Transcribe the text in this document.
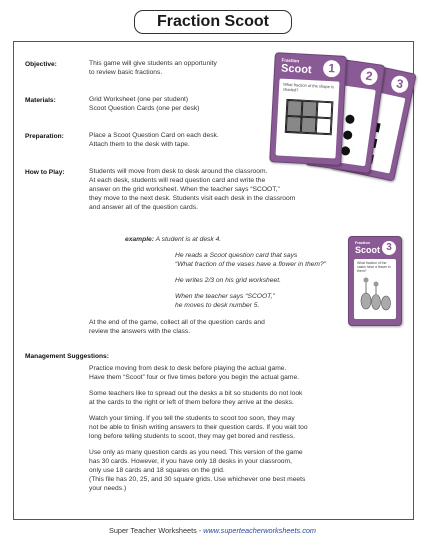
Fraction Scoot
Objective:	This game will give students an opportunity

to review basic fractions.

Materials:	Grid Worksheet (one per student)

Scoot Question Cards (one per desk)

Preparation:	Place a Scoot Question Card on each desk.

Attach them to the desk with tape.

How to Play:	Students will move from desk to desk around the classroom.

At each desk, students will read question card and write the

answer on the grid worksheet. When the teacher says “SCOOT,”

they move to the next desk. Students visit each desk in the classroom

and answer all of the question cards.

example: A student is at desk 4.
He reads a Scoot question card that says
“What fraction of the vases have a flower in them?”
He writes 2/3 on his grid worksheet.
When the teacher says “SCOOT,”
he moves to desk number 5.

At the end of the game, collect all of the question cards and

review the answers with the class.

Management Suggestions:

Practice moving from desk to desk before playing the actual game.

Have them “Scoot” four or five times before you begin the actual game.

Some teachers like to spread out the desks a bit so students do not look

at the cards to the right or left of them before they arrive at the desks.

Watch your timing. If you tell the students to scoot too soon, they may

not be able to finish writing answers to their question cards. If you wait too

long before telling students to scoot, they may get bored and restless.

Use only as many question cards as you need. This version of the game

has 30 cards. However, if you have only 18 desks in your classroom,

only use 18 cards and 18 squares on the grid.

(This file has 20, 25, and 30 square grids. Use whichever one best meets

your needs.)

3
2
Fraction
Scoot	1
What fraction of the shape is shaded?
Fraction
Scoot 3
What fraction of the vases have a flower in them?
Super Teacher Worksheets - www.superteacherworksheets.com
